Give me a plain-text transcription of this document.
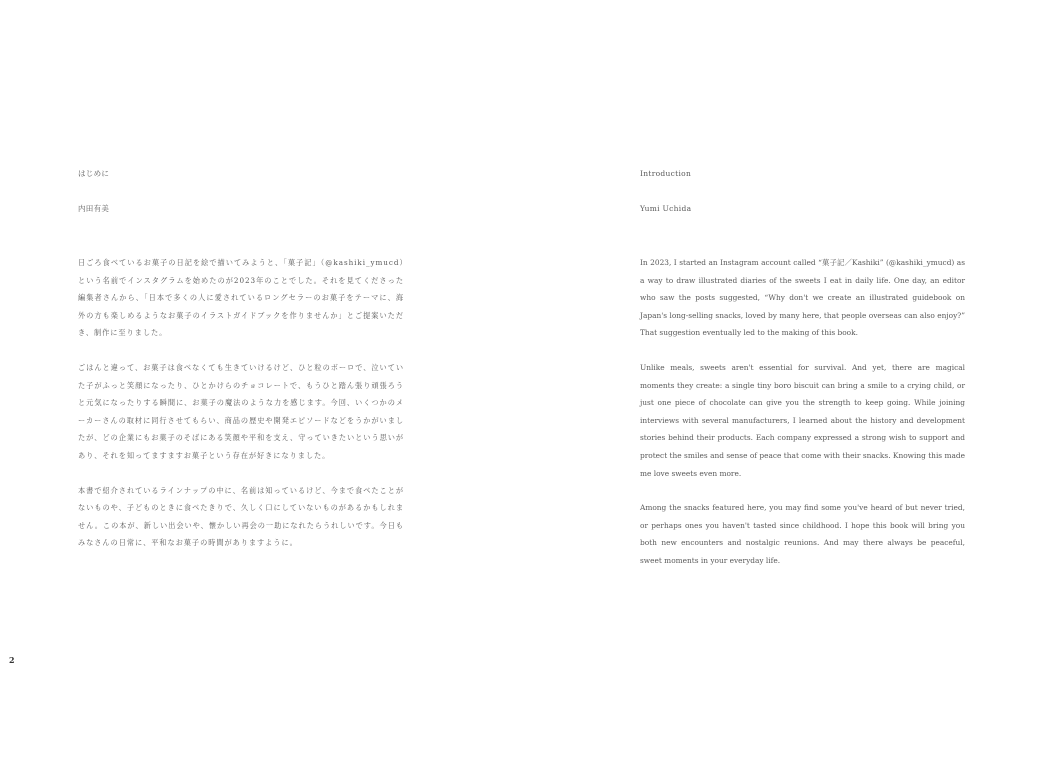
はじめに

内田有美

日ごろ食べているお菓子の日記を絵で描いてみようと、「菓子記」（@kashiki_ymucd）という名前でインスタグラムを始めたのが2023年のことでした。それを見てくださった編集者さんから、「日本で多くの人に愛されているロングセラーのお菓子をテーマに、海外の方も楽しめるようなお菓子のイラストガイドブックを作りませんか」とご提案いただき、制作に至りました。

ごはんと違って、お菓子は食べなくても生きていけるけど、ひと粒のボーロで、泣いていた子がふっと笑顔になったり、ひとかけらのチョコレートで、もうひと踏ん張り頑張ろうと元気になったりする瞬間に、お菓子の魔法のような力を感じます。今回、いくつかのメーカーさんの取材に同行させてもらい、商品の歴史や開発エピソードなどをうかがいましたが、どの企業にもお菓子のそばにある笑顔や平和を支え、守っていきたいという思いがあり、それを知ってますますお菓子という存在が好きになりました。

本書で紹介されているラインナップの中に、名前は知っているけど、今まで食べたことがないものや、子どものときに食べたきりで、久しく口にしていないものがあるかもしれません。この本が、新しい出会いや、懐かしい再会の一助になれたらうれしいです。今日もみなさんの日常に、平和なお菓子の時間がありますように。

Introduction

Yumi Uchida

In 2023, I started an Instagram account called “菓子記／Kashiki” (@kashiki_ymucd) as a way to draw illustrated diaries of the sweets I eat in daily life. One day, an editor who saw the posts suggested, “Why don't we create an illustrated guidebook on Japan's long-selling snacks, loved by many here, that people overseas can also enjoy?” That suggestion eventually led to the making of this book.

Unlike meals, sweets aren't essential for survival. And yet, there are magical moments they create: a single tiny boro biscuit can bring a smile to a crying child, or just one piece of chocolate can give you the strength to keep going. While joining interviews with several manufacturers, I learned about the history and development stories behind their products. Each company expressed a strong wish to support and protect the smiles and sense of peace that come with their snacks. Knowing this made me love sweets even more.

Among the snacks featured here, you may find some you've heard of but never tried, or perhaps ones you haven't tasted since childhood. I hope this book will bring you both new encounters and nostalgic reunions. And may there always be peaceful, sweet moments in your everyday life.

2
